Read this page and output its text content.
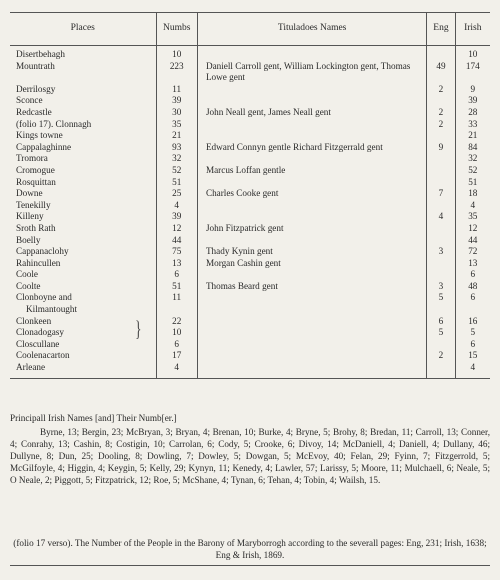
Places	Numbs	Tituladoes Names	Eng	Irish
Disertbehagh	10			10
Mountrath	223	Daniell Carroll gent, William Lockington gent, Thomas Lowe gent	49	174
Derrilosgy	11		2	9
Sconce	39			39
Redcastle	30	John Neall gent, James Neall gent	2	28
(folio 17). Clonnagh	35		2	33
Kings towne	21			21
Cappalaghinne	93	Edward Connyn gentle Richard Fitzgerrald gent	9	84
Tromora	32			32
Cromogue	52	Marcus Loffan gentle		52
Rosquittan	51			51
Downe	25	Charles Cooke gent	7	18
Tenekilly	4			4
Killeny	39		4	35
Sroth Rath	12	John Fitzpatrick gent		12
Boelly	44			44
Cappanaclohy	75	Thady Kynin gent	3	72
Rahincullen	13	Morgan Cashin gent		13
Coole	6			6
Coolte	51	Thomas Beard gent	3	48
Clonboyne and	11		5	6
Kilmantought				
Clonkeen	22		6	16
Clonadogasy	10		5	5
Closcullane	6			6
Coolenacarton	17		2	15
Arleane	4			4
}
Principall Irish Names [and] Their Numb[er.]
Byrne, 13; Bergin, 23; McBryan, 3; Bryan, 4; Brenan, 10; Burke, 4; Bryne, 5; Brohy, 8; Bredan, 11; Carroll, 13; Conner, 4; Conrahy, 13; Cashin, 8; Costigin, 10; Carrolan, 6; Cody, 5; Crooke, 6; Divoy, 14; McDaniell, 4; Daniell, 4; Dullany, 46; Dullyne, 8; Dun, 25; Dooling, 8; Dowling, 7; Dowley, 5; Dowgan, 5; McEvoy, 40; Felan, 29; Fyinn, 7; Fitzgerrold, 5; McGilfoyle, 4; Higgin, 4; Keygin, 5; Kelly, 29; Kynyn, 11; Kenedy, 4; Lawler, 57; Larissy, 5; Moore, 11; Mulchaell, 6; Neale, 5; O Neale, 2; Piggott, 5; Fitzpatrick, 12; Roe, 5; McShane, 4; Tynan, 6; Tehan, 4; Tobin, 4; Wailsh, 15.
(folio 17 verso). The Number of the People in the Barony of Maryborrogh according to the severall pages: Eng, 231; Irish, 1638; Eng & Irish, 1869.
